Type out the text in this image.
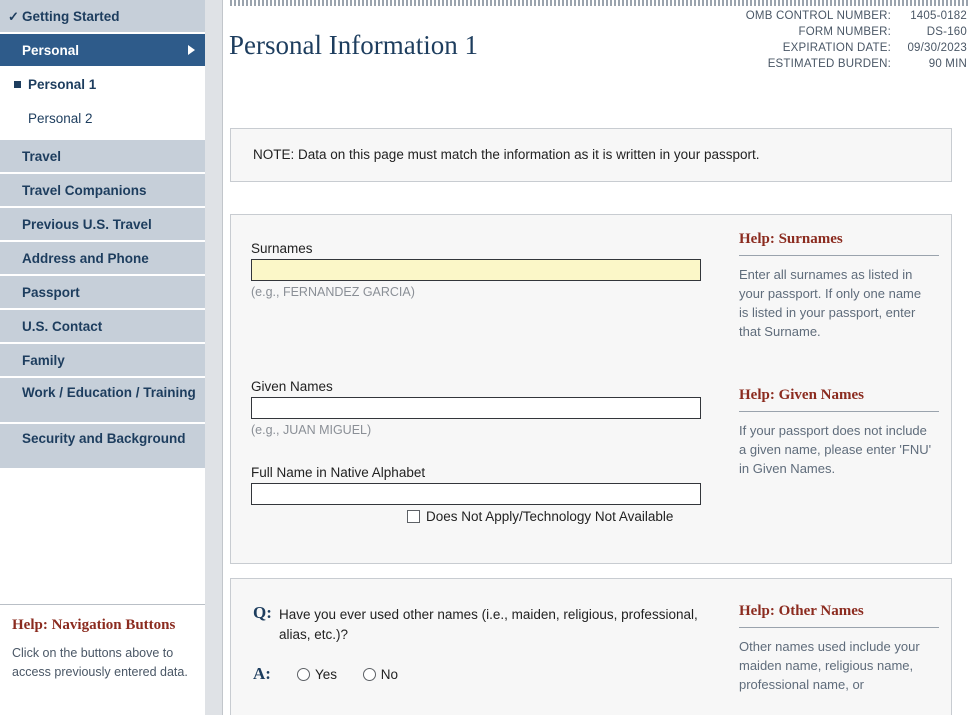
✓ Getting Started
Personal
Personal 1
Personal 2
Travel
Travel Companions
Previous U.S. Travel
Address and Phone
Passport
U.S. Contact
Family
Work / Education / Training
Security and Background
Help: Navigation Buttons
Click on the buttons above to access previously entered data.
Personal Information 1
OMB CONTROL NUMBER:	1405-0182
FORM NUMBER:	DS-160
EXPIRATION DATE:	09/30/2023
ESTIMATED BURDEN:	90 MIN
NOTE: Data on this page must match the information as it is written in your passport.
Surnames
(e.g., FERNANDEZ GARCIA)
Given Names
(e.g., JUAN MIGUEL)
Full Name in Native Alphabet
Does Not Apply/Technology Not Available
Help: Surnames
Enter all surnames as listed in your passport. If only one name is listed in your passport, enter that Surname.
Help: Given Names
If your passport does not include a given name, please enter 'FNU' in Given Names.
Q: Have you ever used other names (i.e., maiden, religious, professional, alias, etc.)?
A:	Yes	No
Help: Other Names
Other names used include your maiden name, religious name, professional name, or
